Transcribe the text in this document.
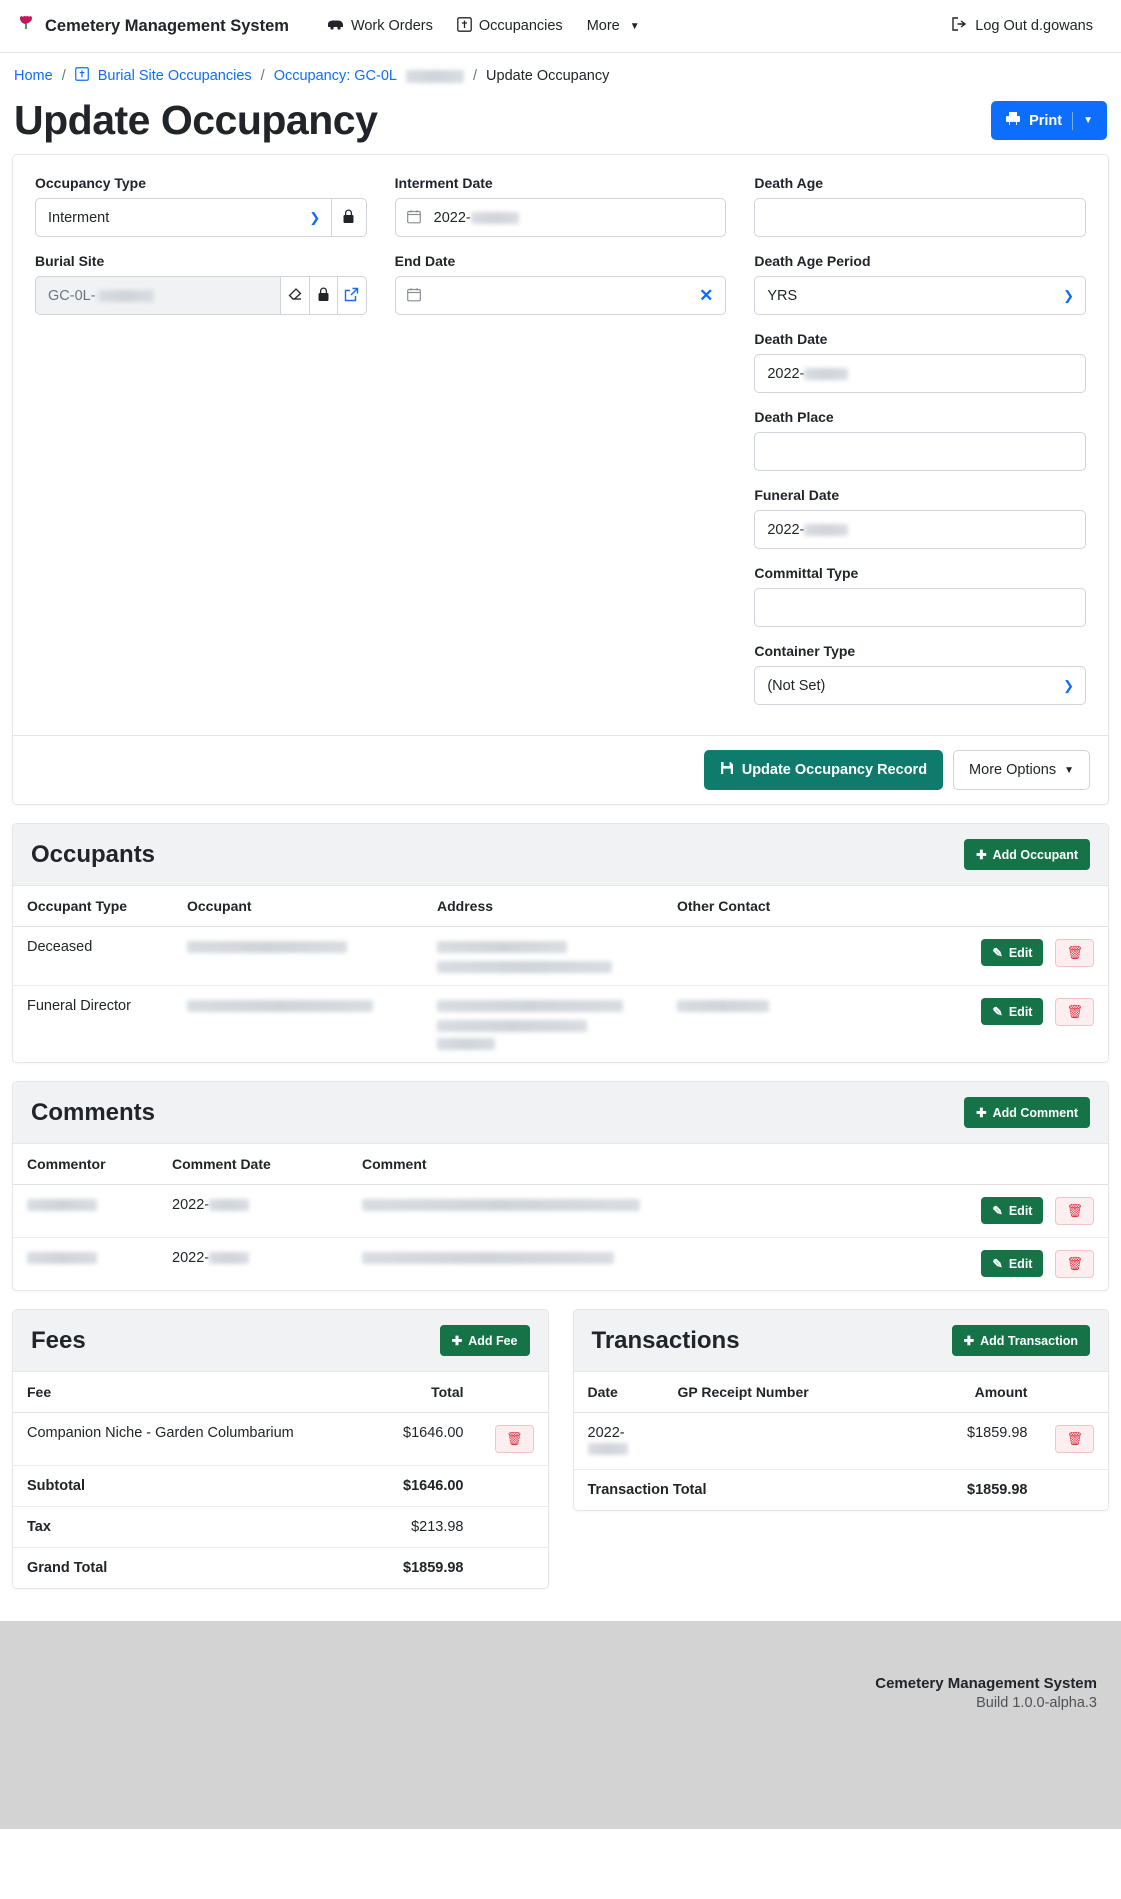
Cemetery Management System	Work Orders	Occupancies More ▼	Log Out d.gowans
Home / Burial Site Occupancies / Occupancy: GC-0L	/ Update Occupancy
Update Occupancy	Print ▼
Occupancy Type
Interment	❯
Burial Site
GC-0L-
Interment Date
2022-
End Date
✕
Death Age
Death Age Period
YRS	❯
Death Date
2022-
Death Place
Funeral Date
2022-
Committal Type
Container Type
(Not Set)	❯
Update Occupancy Record	More Options ▼
Occupants	✚ Add Occupant
Occupant Type	Occupant	Address	Other Contact	
Deceased				✎ Edit
🗑

Funeral Director				✎ Edit
🗑
Comments	✚ Add Comment
Commentor	Comment Date	Comment	
	2022-		✎ Edit
🗑

	2022-		✎ Edit
🗑
Fees	✚ Add Fee
Fee	Total	
Companion Niche - Garden Columbarium	$1646.00	🗑

Subtotal	$1646.00	
Tax	$213.98	
Grand Total	$1859.98	
Transactions	✚ Add Transaction
Date	GP Receipt Number	Amount	
2022-		$1859.98	🗑

Transaction Total		$1859.98	
Cemetery Management System
Build 1.0.0-alpha.3
